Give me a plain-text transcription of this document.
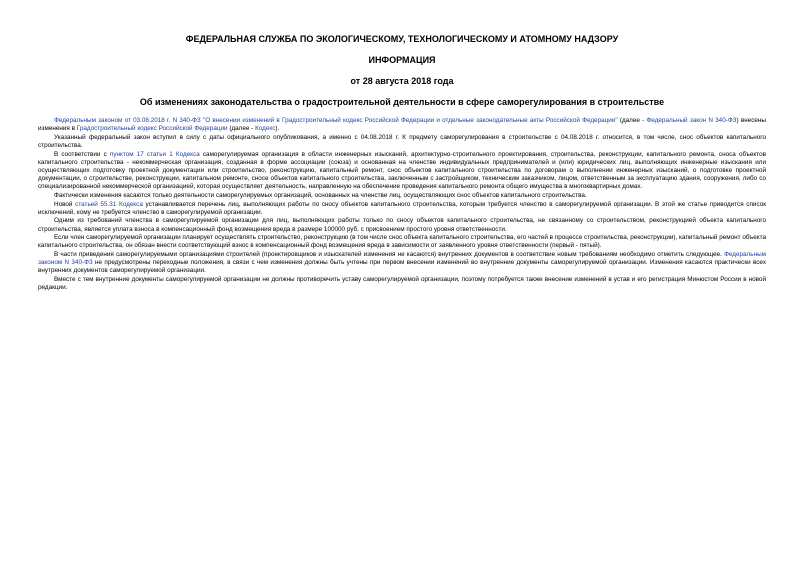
ФЕДЕРАЛЬНАЯ СЛУЖБА ПО ЭКОЛОГИЧЕСКОМУ, ТЕХНОЛОГИЧЕСКОМУ И АТОМНОМУ НАДЗОРУ

ИНФОРМАЦИЯ

от 28 августа 2018 года

Об изменениях законодательства о градостроительной деятельности в сфере саморегулирования в строительстве

Федеральным законом от 03.08.2018 г. N 340-ФЗ "О внесении изменений в Градостроительный кодекс Российской Федерации и отдельные законодательные акты Российской Федерации" (далее - Федеральный закон N 340-ФЗ) внесены изменения в Градостроительный кодекс Российской Федерации (далее - Кодекс).

Указанный федеральный закон вступил в силу с даты официального опубликования, а именно с 04.08.2018 г. К предмету саморегулирования в строительстве с 04.08.2018 г. относится, в том числе, снос объектов капитального строительства.

В соответствии с пунктом 17 статьи 1 Кодекса саморегулируемая организация в области инженерных изысканий, архитектурно-строительного проектирования, строительства, реконструкции, капитального ремонта, сноса объектов капитального строительства - некоммерческая организация, созданная в форме ассоциации (союза) и основанная на членстве индивидуальных предпринимателей и (или) юридических лиц, выполняющих инженерные изыскания или осуществляющих подготовку проектной документации или строительство, реконструкцию, капитальный ремонт, снос объектов капитального строительства по договорам о выполнении инженерных изысканий, о подготовке проектной документации, о строительстве, реконструкции, капитальном ремонте, сносе объектов капитального строительства, заключенным с застройщиком, техническим заказчиком, лицом, ответственным за эксплуатацию здания, сооружения, либо со специализированной некоммерческой организацией, которая осуществляет деятельность, направленную на обеспечение проведения капитального ремонта общего имущества в многоквартирных домах.

Фактически изменения касаются только деятельности саморегулируемых организаций, основанных на членстве лиц, осуществляющих снос объектов капитального строительства.

Новой статьей 55.31 Кодекса устанавливается перечень лиц, выполняющих работы по сносу объектов капитального строительства, которым требуется членство в саморегулируемой организации. В этой же статье приводится список исключений, кому не требуется членство в саморегулируемой организации.

Одним из требований членства в саморегулируемой организации для лиц, выполняющих работы только по сносу объектов капитального строительства, не связанному со строительством, реконструкцией объекта капитального строительства, является уплата взноса в компенсационный фонд возмещения вреда в размере 100000 руб. с присвоением простого уровня ответственности.

Если член саморегулируемой организации планирует осуществлять строительство, реконструкцию (в том числе снос объекта капитального строительства, его частей в процессе строительства, реконструкции), капитальный ремонт объекта капитального строительства, он обязан внести соответствующий взнос в компенсационный фонд возмещения вреда в зависимости от заявленного уровня ответственности (первый - пятый).

В части приведения саморегулируемыми организациями строителей (проектировщиков и изыскателей изменения не касаются) внутренних документов в соответствие новым требованиям необходимо отметить следующее. Федеральным законом N 340-ФЗ не предусмотрены переходные положения, в связи с чем изменения должны быть учтены при первом внесении изменений во внутренние документы саморегулируемой организации. Изменения касаются практически всех внутренних документов саморегулируемой организации.

Вместе с тем внутренние документы саморегулируемой организации не должны противоречить уставу саморегулируемой организации, поэтому потребуется также внесение изменений в устав и его регистрация Минюстом России в новой редакции.
